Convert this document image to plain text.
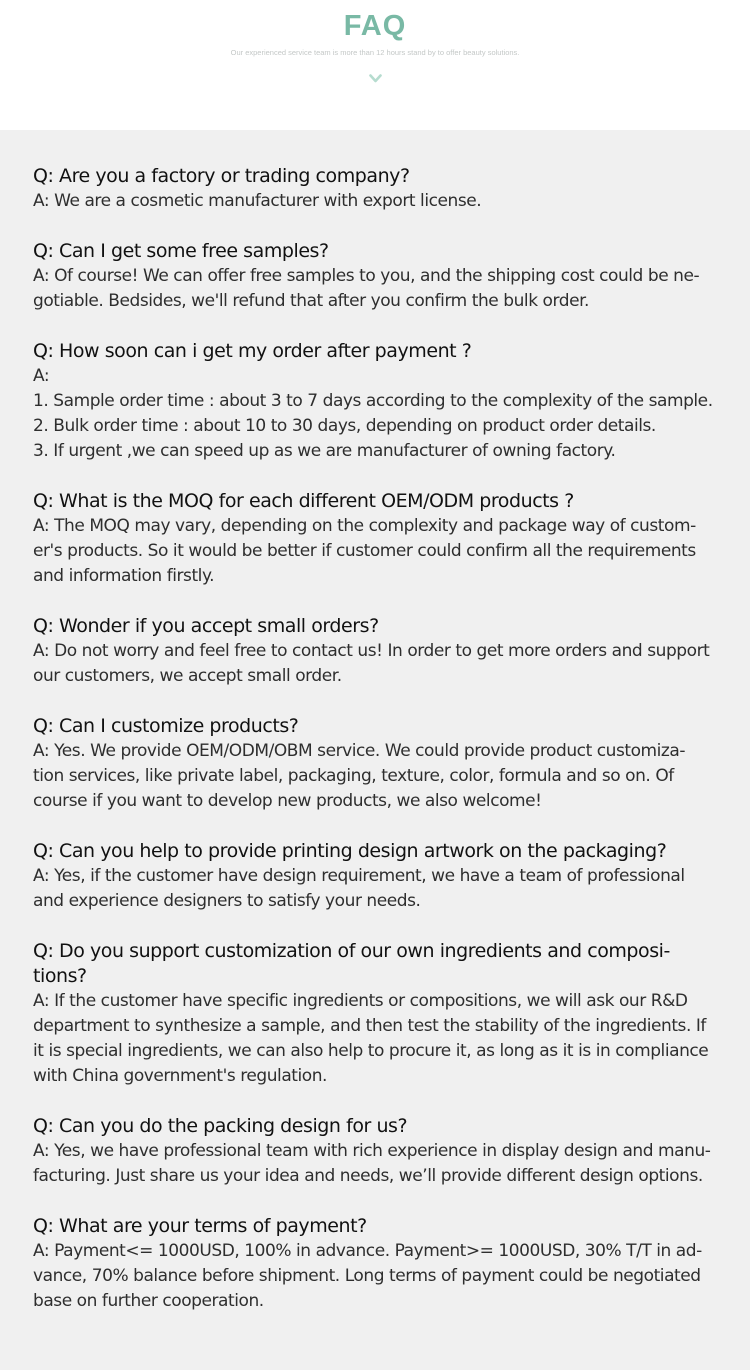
FAQ
Our experienced service team is more than 12 hours stand by to offer beauty solutions.
Q: Are you a factory or trading company?
A: We are a cosmetic manufacturer with export license.
Q: Can I get some free samples?
A: Of course! We can offer free samples to you, and the shipping cost could be ne-
gotiable. Bedsides, we'll refund that after you confirm the bulk order.
Q: How soon can i get my order after payment ?
A:
1. Sample order time : about 3 to 7 days according to the complexity of the sample.
2. Bulk order time : about 10 to 30 days, depending on product order details.
3. If urgent ,we can speed up as we are manufacturer of owning factory.
Q: What is the MOQ for each different OEM/ODM products ?
A: The MOQ may vary, depending on the complexity and package way of custom-
er's products. So it would be better if customer could confirm all the requirements
and information firstly.
Q: Wonder if you accept small orders?
A: Do not worry and feel free to contact us! In order to get more orders and support
our customers, we accept small order.
Q: Can I customize products?
A: Yes. We provide OEM/ODM/OBM service. We could provide product customiza-
tion services, like private label, packaging, texture, color, formula and so on. Of
course if you want to develop new products, we also welcome!
Q: Can you help to provide printing design artwork on the packaging?
A: Yes, if the customer have design requirement, we have a team of professional
and experience designers to satisfy your needs.
Q: Do you support customization of our own ingredients and composi-
tions?
A: If the customer have specific ingredients or compositions, we will ask our R&D
department to synthesize a sample, and then test the stability of the ingredients. If
it is special ingredients, we can also help to procure it, as long as it is in compliance
with China government's regulation.
Q: Can you do the packing design for us?
A: Yes, we have professional team with rich experience in display design and manu-
facturing. Just share us your idea and needs, we’ll provide different design options.
Q: What are your terms of payment?
A: Payment<= 1000USD, 100% in advance. Payment>= 1000USD, 30% T/T in ad-
vance, 70% balance before shipment. Long terms of payment could be negotiated
base on further cooperation.
